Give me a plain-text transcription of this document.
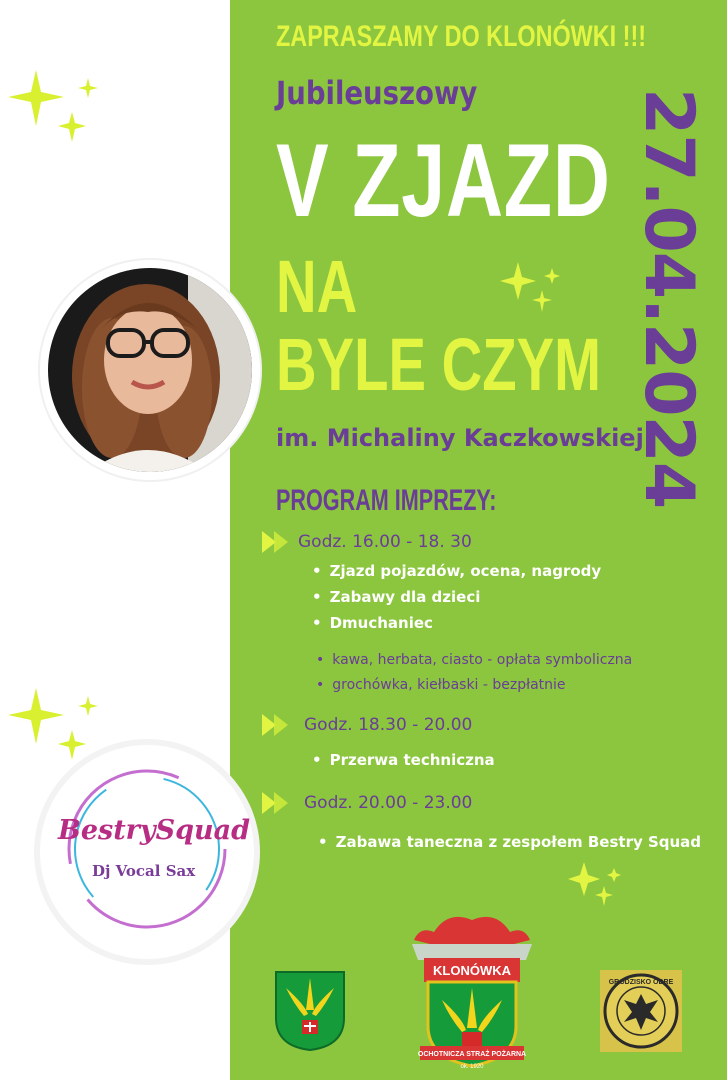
ZAPRASZAMY DO KLONÓWKI !!!
Jubileuszowy
V ZJAZD
NA
BYLE CZYM 27.04.2024
im. Michaliny Kaczkowskiej
PROGRAM IMPREZY:
Godz. 16.00 - 18. 30
• Zjazd pojazdów, ocena, nagrody
• Zabawy dla dzieci
• Dmuchaniec
• kawa, herbata, ciasto - opłata symboliczna
• grochówka, kiełbaski - bezpłatnie
Godz. 18.30 - 20.00
• Przerwa techniczna
Godz. 20.00 - 23.00
• Zabawa taneczna z zespołem Bestry Squad
BestrySquad
Dj Vocal Sax
KLONÓWKA
OCHOTNICZA STRAŻ POŻARNA
ok. 1920
GRODZISKO ODRE
